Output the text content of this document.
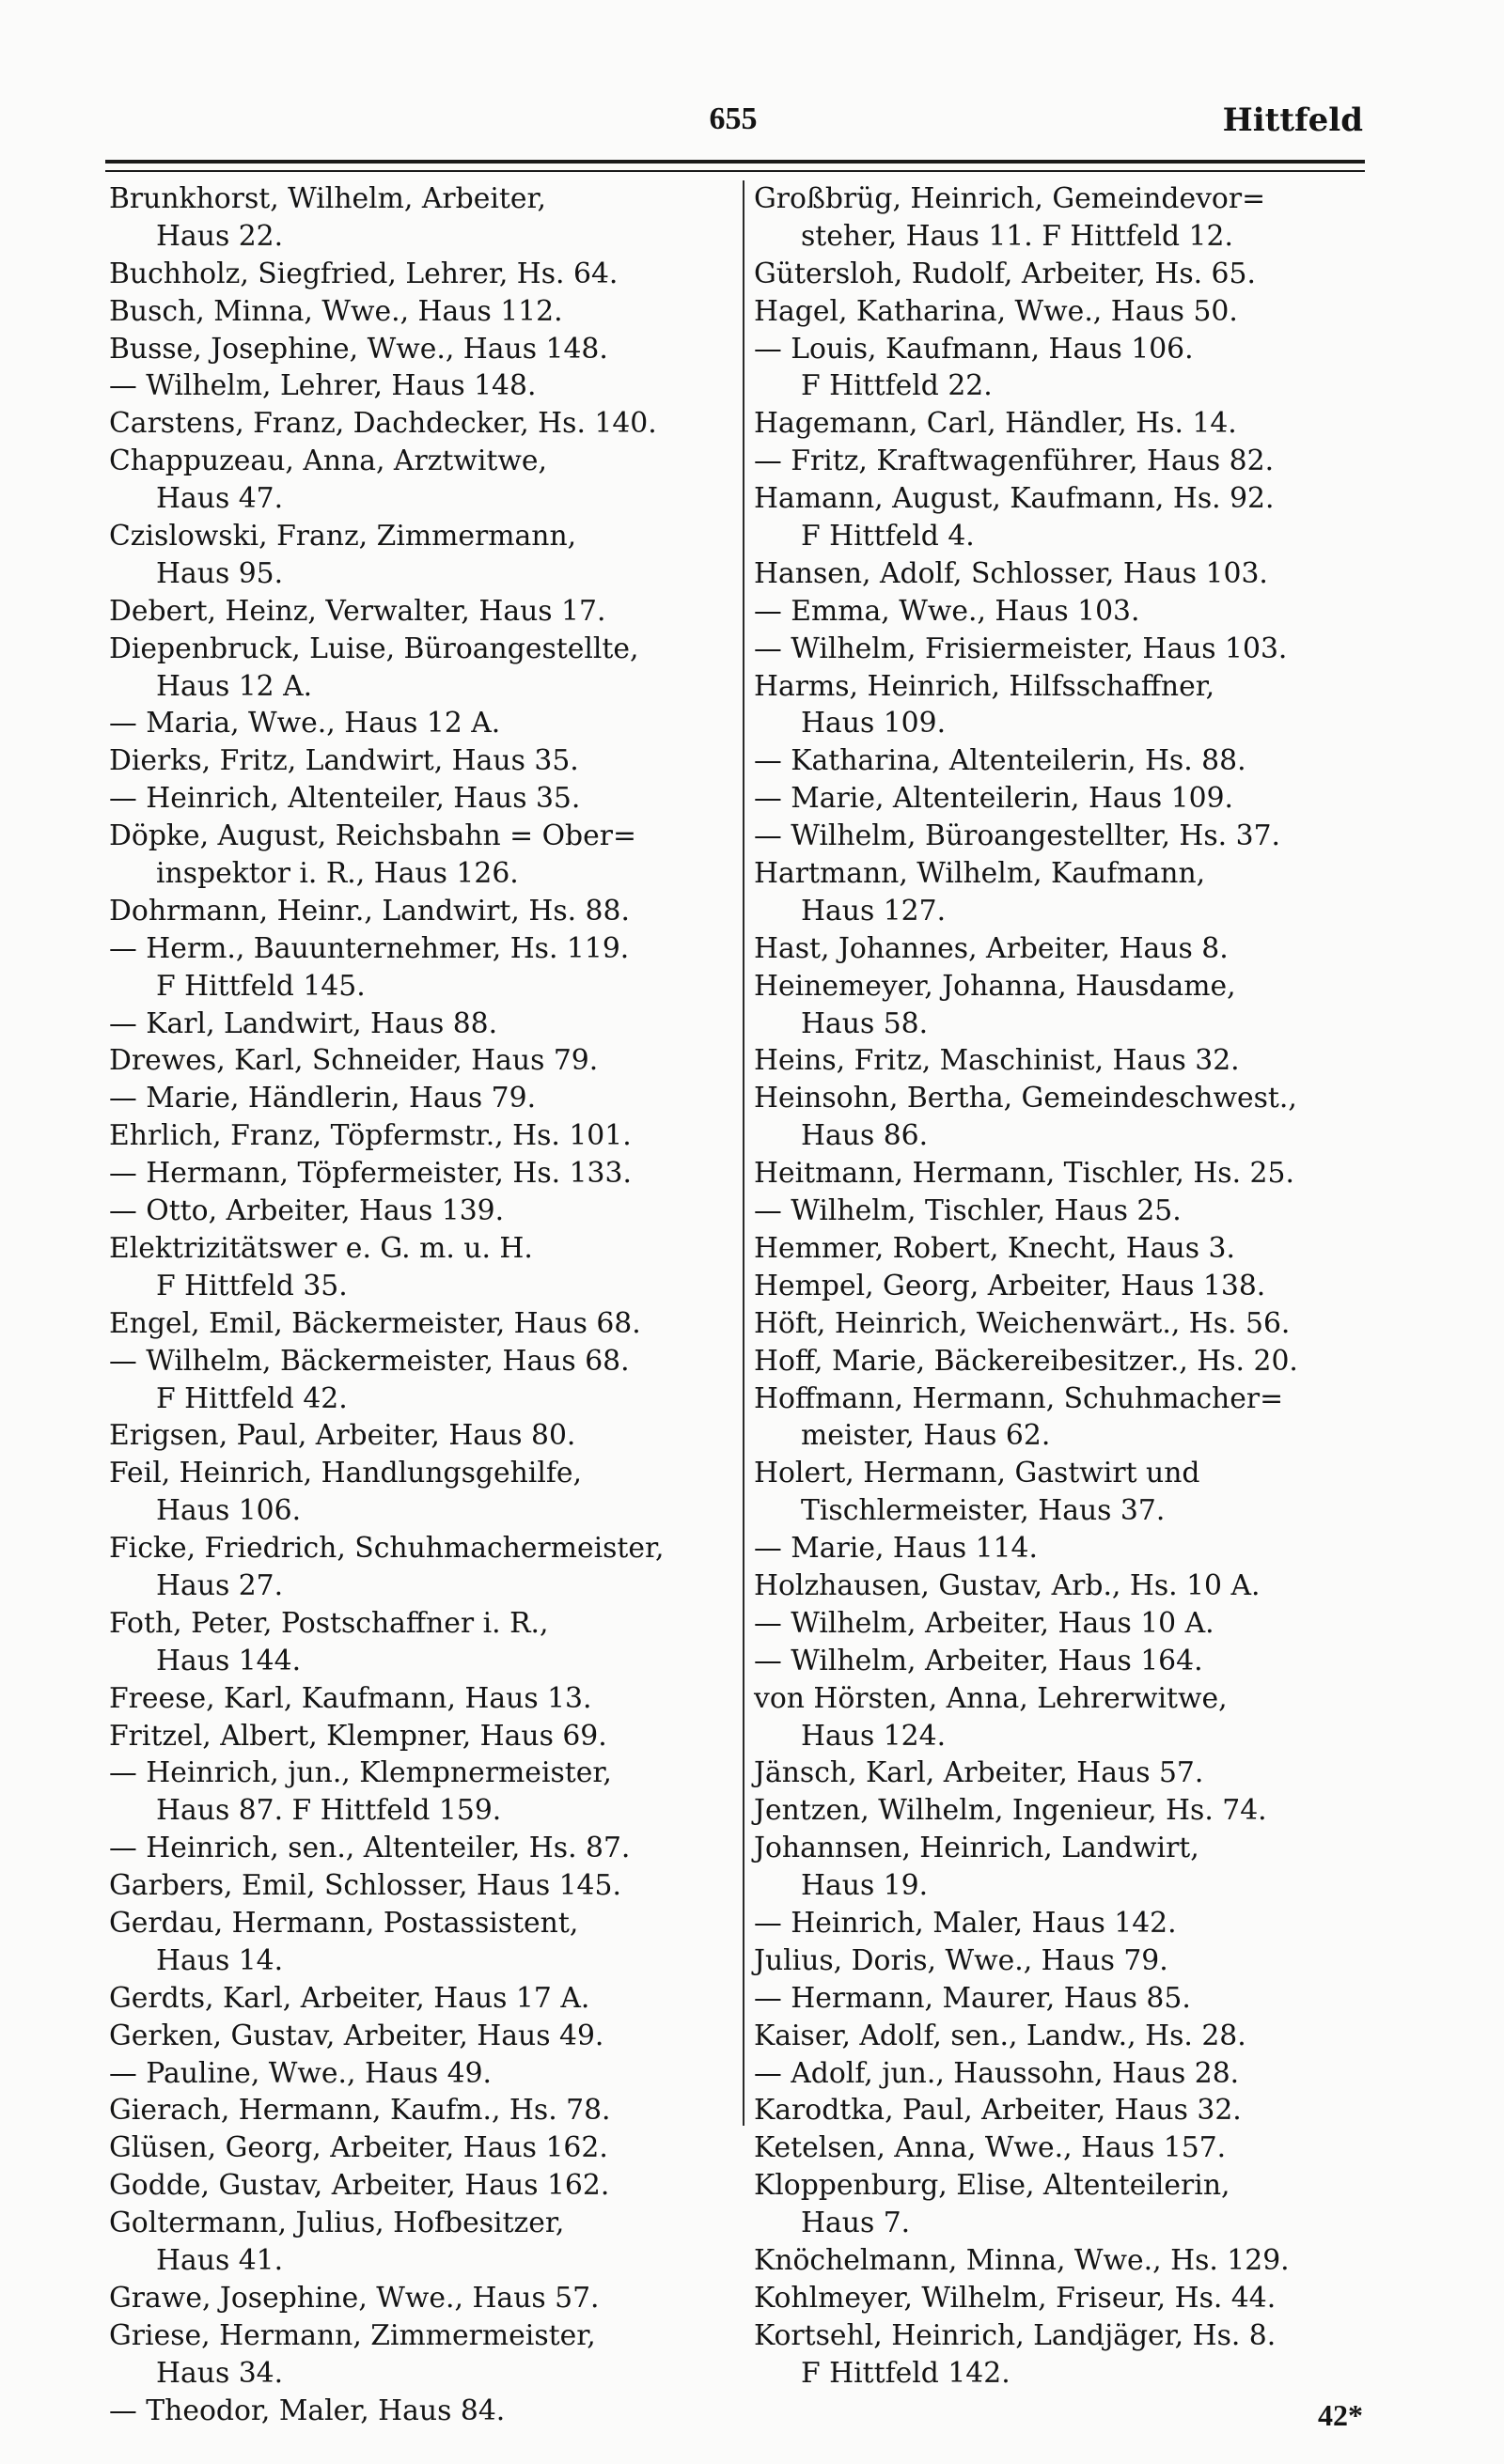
655	Hittfeld
Brunkhorst, Wilhelm, Arbeiter,
Haus 22.
Buchholz, Siegfried, Lehrer, Hs. 64.
Busch, Minna, Wwe., Haus 112.
Busse, Josephine, Wwe., Haus 148.
— Wilhelm, Lehrer, Haus 148.
Carstens, Franz, Dachdecker, Hs. 140.
Chappuzeau, Anna, Arztwitwe,
Haus 47.
Czislowski, Franz, Zimmermann,
Haus 95.
Debert, Heinz, Verwalter, Haus 17.
Diepenbruck, Luise, Büroangestellte,
Haus 12 A.
— Maria, Wwe., Haus 12 A.
Dierks, Fritz, Landwirt, Haus 35.
— Heinrich, Altenteiler, Haus 35.
Döpke, August, Reichsbahn = Ober=
inspektor i. R., Haus 126.
Dohrmann, Heinr., Landwirt, Hs. 88.
— Herm., Bauunternehmer, Hs. 119.
F Hittfeld 145.
— Karl, Landwirt, Haus 88.
Drewes, Karl, Schneider, Haus 79.
— Marie, Händlerin, Haus 79.
Ehrlich, Franz, Töpfermstr., Hs. 101.
— Hermann, Töpfermeister, Hs. 133.
— Otto, Arbeiter, Haus 139.
Elektrizitätswer e. G. m. u. H.
F Hittfeld 35.
Engel, Emil, Bäckermeister, Haus 68.
— Wilhelm, Bäckermeister, Haus 68.
F Hittfeld 42.
Erigsen, Paul, Arbeiter, Haus 80.
Feil, Heinrich, Handlungsgehilfe,
Haus 106.
Ficke, Friedrich, Schuhmachermeister,
Haus 27.
Foth, Peter, Postschaffner i. R.,
Haus 144.
Freese, Karl, Kaufmann, Haus 13.
Fritzel, Albert, Klempner, Haus 69.
— Heinrich, jun., Klempnermeister,
Haus 87. F Hittfeld 159.
— Heinrich, sen., Altenteiler, Hs. 87.
Garbers, Emil, Schlosser, Haus 145.
Gerdau, Hermann, Postassistent,
Haus 14.
Gerdts, Karl, Arbeiter, Haus 17 A.
Gerken, Gustav, Arbeiter, Haus 49.
— Pauline, Wwe., Haus 49.
Gierach, Hermann, Kaufm., Hs. 78.
Glüsen, Georg, Arbeiter, Haus 162.
Godde, Gustav, Arbeiter, Haus 162.
Goltermann, Julius, Hofbesitzer,
Haus 41.
Grawe, Josephine, Wwe., Haus 57.
Griese, Hermann, Zimmermeister,
Haus 34.
— Theodor, Maler, Haus 84.
Großbrüg, Heinrich, Gemeindevor=
steher, Haus 11. F Hittfeld 12.
Gütersloh, Rudolf, Arbeiter, Hs. 65.
Hagel, Katharina, Wwe., Haus 50.
— Louis, Kaufmann, Haus 106.
F Hittfeld 22.
Hagemann, Carl, Händler, Hs. 14.
— Fritz, Kraftwagenführer, Haus 82.
Hamann, August, Kaufmann, Hs. 92.
F Hittfeld 4.
Hansen, Adolf, Schlosser, Haus 103.
— Emma, Wwe., Haus 103.
— Wilhelm, Frisiermeister, Haus 103.
Harms, Heinrich, Hilfsschaffner,
Haus 109.
— Katharina, Altenteilerin, Hs. 88.
— Marie, Altenteilerin, Haus 109.
— Wilhelm, Büroangestellter, Hs. 37.
Hartmann, Wilhelm, Kaufmann,
Haus 127.
Hast, Johannes, Arbeiter, Haus 8.
Heinemeyer, Johanna, Hausdame,
Haus 58.
Heins, Fritz, Maschinist, Haus 32.
Heinsohn, Bertha, Gemeindeschwest.,
Haus 86.
Heitmann, Hermann, Tischler, Hs. 25.
— Wilhelm, Tischler, Haus 25.
Hemmer, Robert, Knecht, Haus 3.
Hempel, Georg, Arbeiter, Haus 138.
Höft, Heinrich, Weichenwärt., Hs. 56.
Hoff, Marie, Bäckereibesitzer., Hs. 20.
Hoffmann, Hermann, Schuhmacher=
meister, Haus 62.
Holert, Hermann, Gastwirt und
Tischlermeister, Haus 37.
— Marie, Haus 114.
Holzhausen, Gustav, Arb., Hs. 10 A.
— Wilhelm, Arbeiter, Haus 10 A.
— Wilhelm, Arbeiter, Haus 164.
von Hörsten, Anna, Lehrerwitwe,
Haus 124.
Jänsch, Karl, Arbeiter, Haus 57.
Jentzen, Wilhelm, Ingenieur, Hs. 74.
Johannsen, Heinrich, Landwirt,
Haus 19.
— Heinrich, Maler, Haus 142.
Julius, Doris, Wwe., Haus 79.
— Hermann, Maurer, Haus 85.
Kaiser, Adolf, sen., Landw., Hs. 28.
— Adolf, jun., Haussohn, Haus 28.
Karodtka, Paul, Arbeiter, Haus 32.
Ketelsen, Anna, Wwe., Haus 157.
Kloppenburg, Elise, Altenteilerin,
Haus 7.
Knöchelmann, Minna, Wwe., Hs. 129.
Kohlmeyer, Wilhelm, Friseur, Hs. 44.
Kortsehl, Heinrich, Landjäger, Hs. 8.
F Hittfeld 142.
42*
